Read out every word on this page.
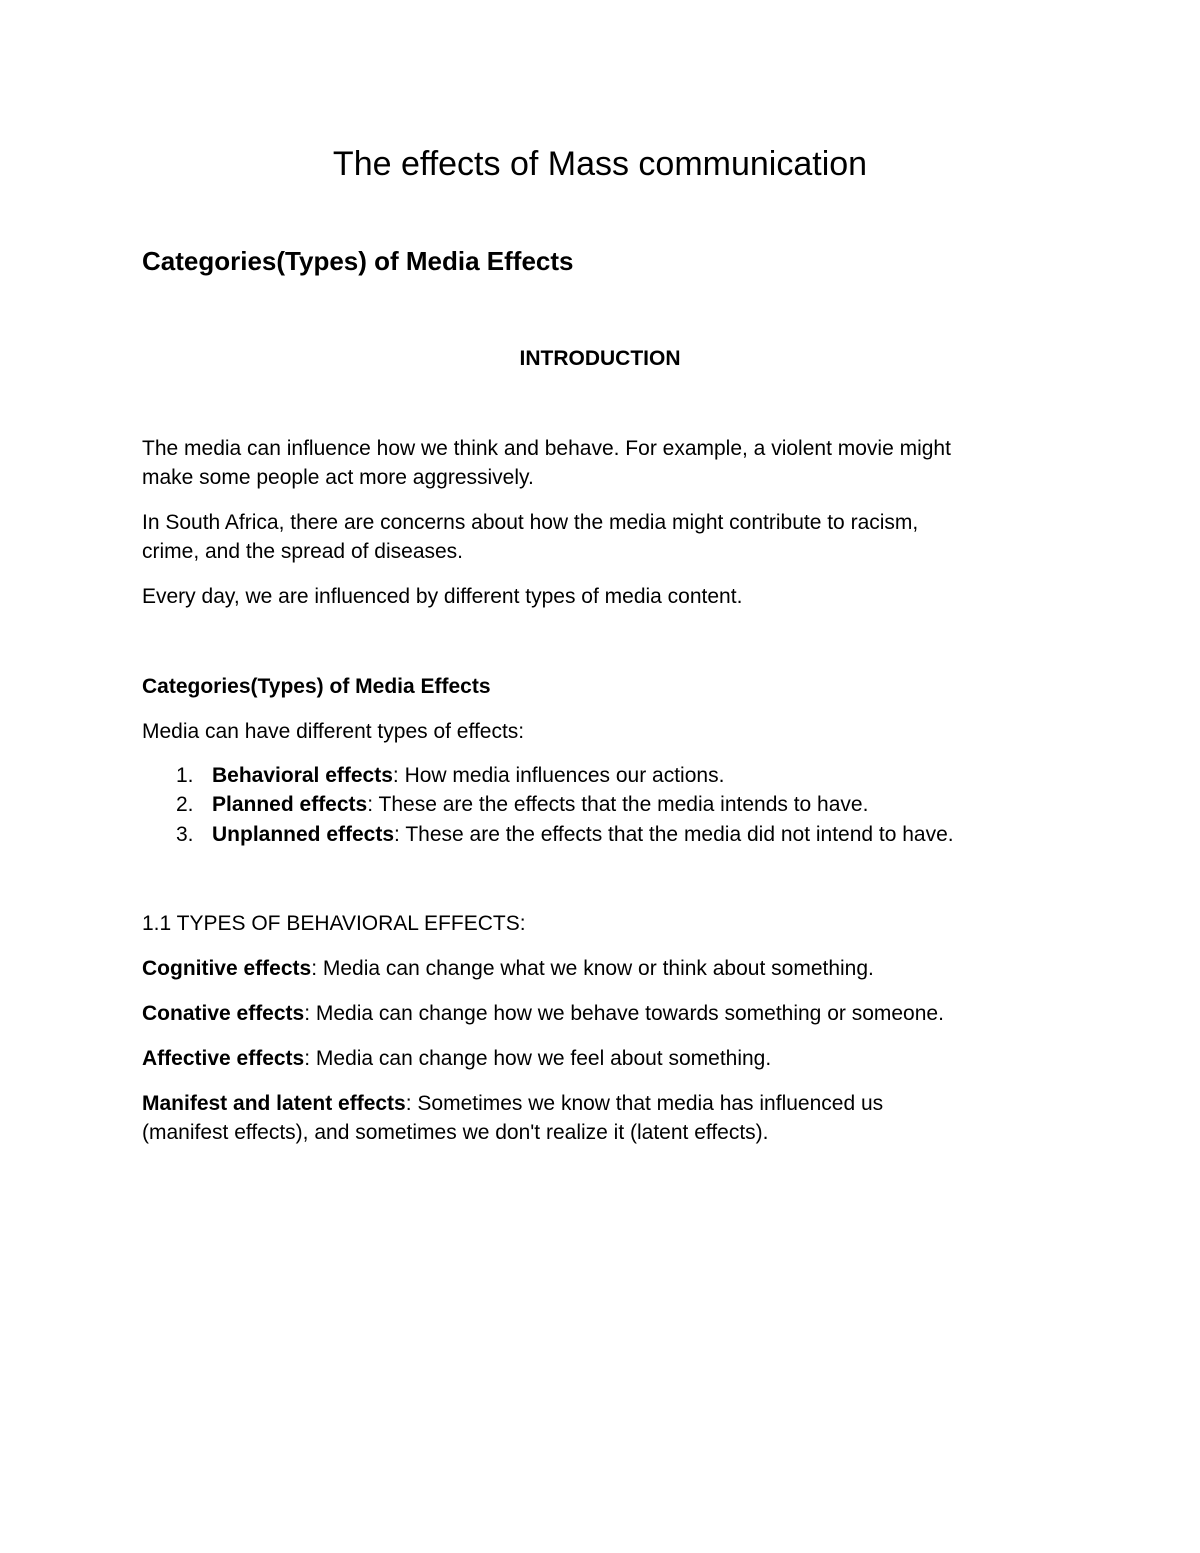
The effects of Mass communication
Categories(Types) of Media Effects
INTRODUCTION

The media can influence how we think and behave. For example, a violent movie might

make some people act more aggressively.

In South Africa, there are concerns about how the media might contribute to racism,

crime, and the spread of diseases.

Every day, we are influenced by different types of media content.

Categories(Types) of Media Effects

Media can have different types of effects:

1. Behavioral effects: How media influences our actions.
2. Planned effects: These are the effects that the media intends to have.
3. Unplanned effects: These are the effects that the media did not intend to have.

1.1 TYPES OF BEHAVIORAL EFFECTS:

Cognitive effects: Media can change what we know or think about something.

Conative effects: Media can change how we behave towards something or someone.

Affective effects: Media can change how we feel about something.

Manifest and latent effects: Sometimes we know that media has influenced us

(manifest effects), and sometimes we don't realize it (latent effects).
